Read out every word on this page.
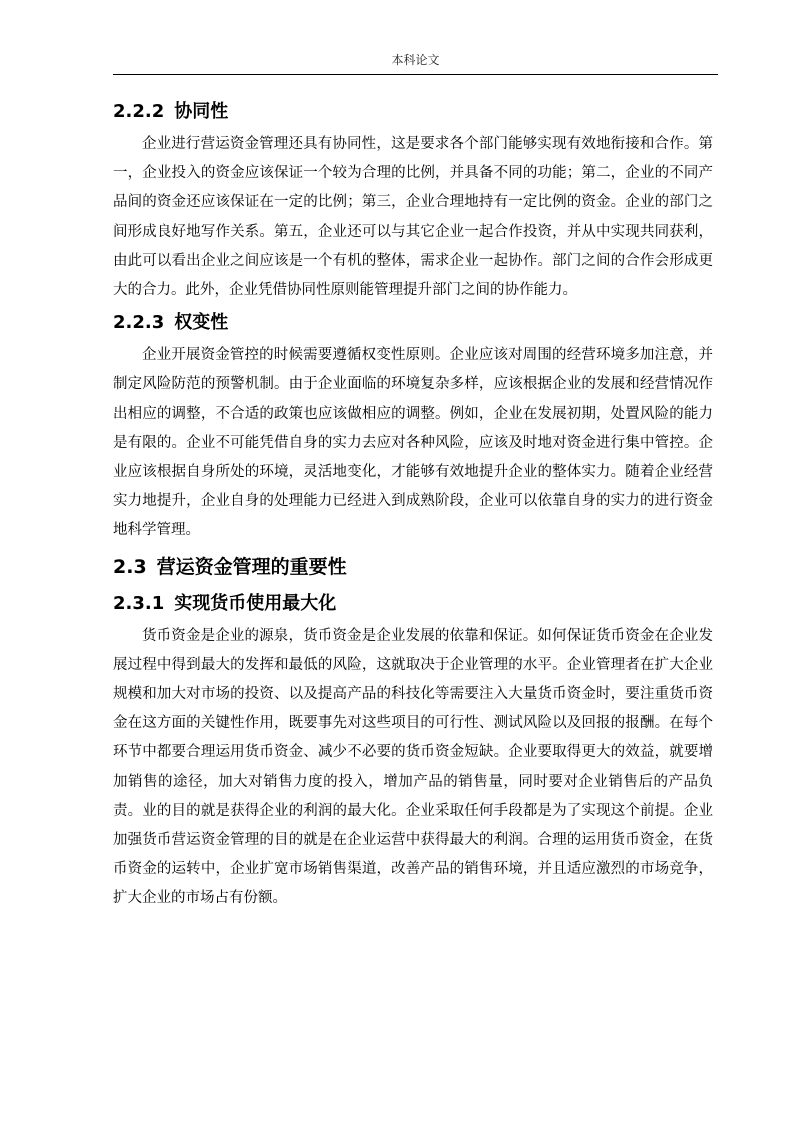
本科论文
2.2.2 协同性

企业进行营运资金管理还具有协同性，这是要求各个部门能够实现有效地衔接和合作。第一，企业投入的资金应该保证一个较为合理的比例，并具备不同的功能；第二，企业的不同产品间的资金还应该保证在一定的比例；第三，企业合理地持有一定比例的资金。企业的部门之间形成良好地写作关系。第五，企业还可以与其它企业一起合作投资，并从中实现共同获利，由此可以看出企业之间应该是一个有机的整体，需求企业一起协作。部门之间的合作会形成更大的合力。此外，企业凭借协同性原则能管理提升部门之间的协作能力。

2.2.3 权变性

企业开展资金管控的时候需要遵循权变性原则。企业应该对周围的经营环境多加注意，并制定风险防范的预警机制。由于企业面临的环境复杂多样，应该根据企业的发展和经营情况作出相应的调整，不合适的政策也应该做相应的调整。例如，企业在发展初期，处置风险的能力是有限的。企业不可能凭借自身的实力去应对各种风险，应该及时地对资金进行集中管控。企业应该根据自身所处的环境，灵活地变化，才能够有效地提升企业的整体实力。随着企业经营实力地提升，企业自身的处理能力已经进入到成熟阶段，企业可以依靠自身的实力的进行资金地科学管理。

2.3 营运资金管理的重要性
2.3.1 实现货币使用最大化

货币资金是企业的源泉，货币资金是企业发展的依靠和保证。如何保证货币资金在企业发展过程中得到最大的发挥和最低的风险，这就取决于企业管理的水平。企业管理者在扩大企业规模和加大对市场的投资、以及提高产品的科技化等需要注入大量货币资金时，要注重货币资金在这方面的关键性作用，既要事先对这些项目的可行性、测试风险以及回报的报酬。在每个环节中都要合理运用货币资金、减少不必要的货币资金短缺。企业要取得更大的效益，就要增加销售的途径，加大对销售力度的投入，增加产品的销售量，同时要对企业销售后的产品负责。业的目的就是获得企业的利润的最大化。企业采取任何手段都是为了实现这个前提。企业加强货币营运资金管理的目的就是在企业运营中获得最大的利润。合理的运用货币资金，在货币资金的运转中，企业扩宽市场销售渠道，改善产品的销售环境，并且适应激烈的市场竞争，扩大企业的市场占有份额。
